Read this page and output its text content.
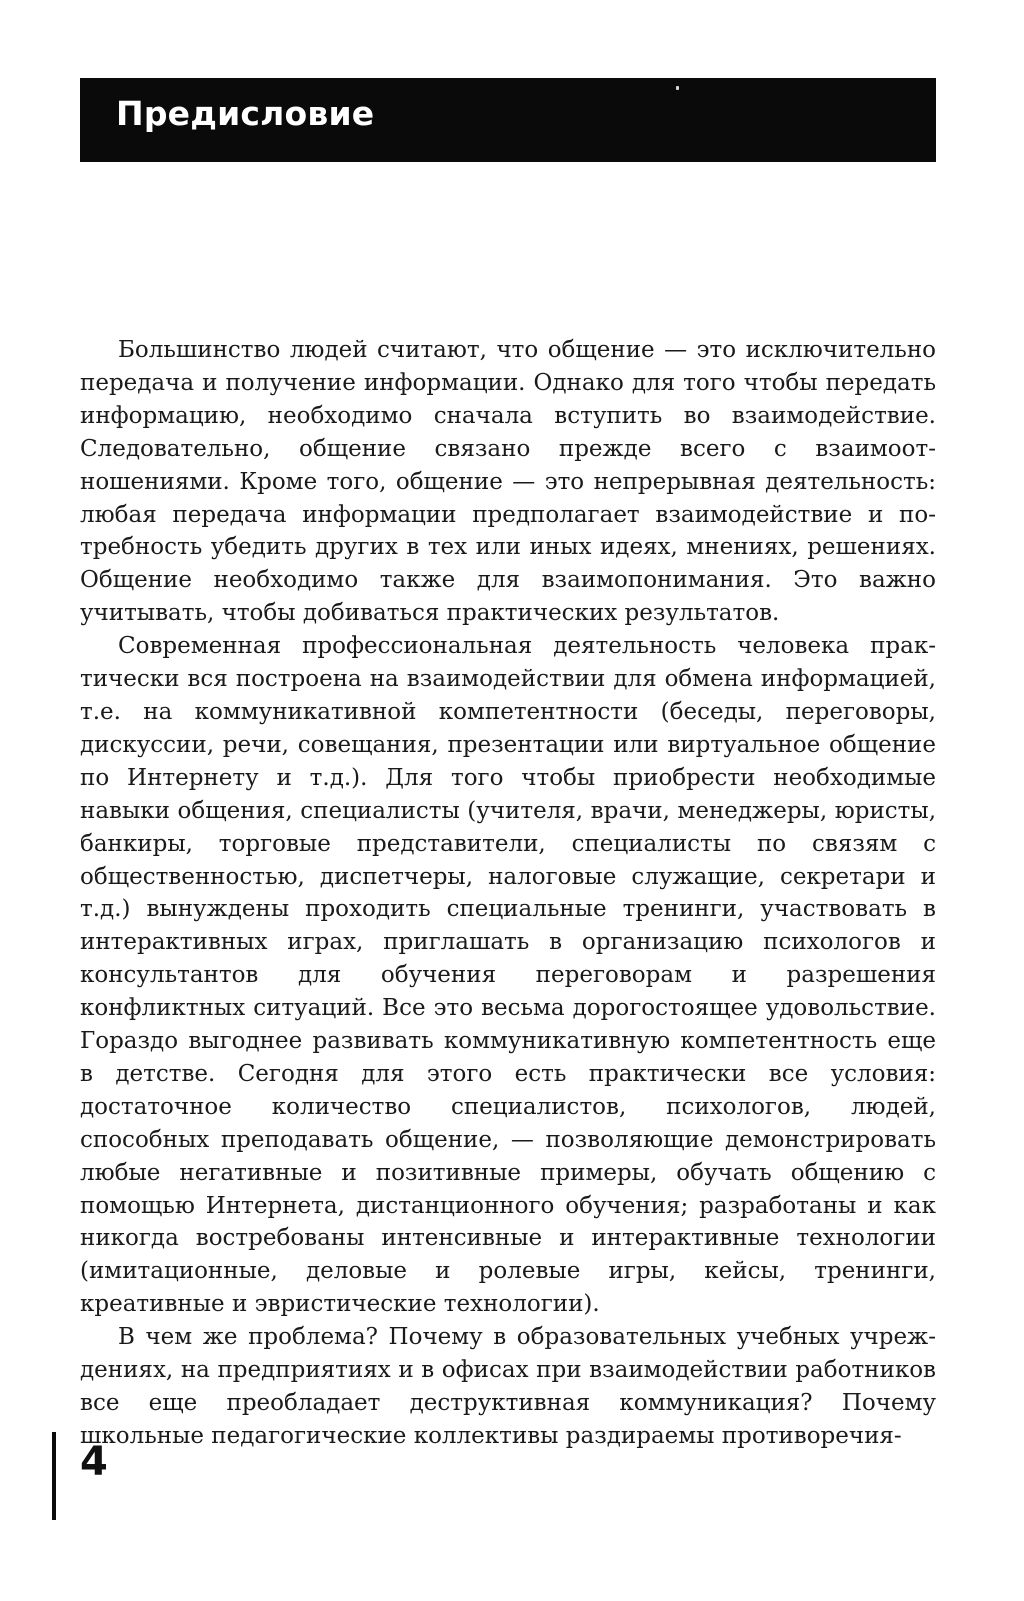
Предисловие

Большинство людей считают, что общение — это исключительно передача и получение информации. Однако для того чтобы передать информацию, необходимо сначала вступить во взаимодействие. Следовательно, общение связано прежде всего с взаимоотношениями. Кроме того, общение — это непрерывная деятельность: любая передача информации предполагает взаимодействие и потребность убедить других в тех или иных идеях, мнениях, решениях. Общение необходимо также для взаимопонимания. Это важно учитывать, чтобы добиваться практических результатов.

Современная профессиональная деятельность человека практически вся построена на взаимодействии для обмена информацией, т.е. на коммуникативной компетентности (беседы, переговоры, дискуссии, речи, совещания, презентации или виртуальное общение по Интернету и т.д.). Для того чтобы приобрести необходимые навыки общения, специалисты (учителя, врачи, менеджеры, юристы, банкиры, торговые представители, специалисты по связям с общественностью, диспетчеры, налоговые служащие, секретари и т.д.) вынуждены проходить специальные тренинги, участвовать в интерактивных играх, приглашать в организацию психологов и консультантов для обучения переговорам и разрешения конфликтных ситуаций. Все это весьма дорогостоящее удовольствие. Гораздо выгоднее развивать коммуникативную компетентность еще в детстве. Сегодня для этого есть практически все условия: достаточное количество специалистов, психологов, людей, способных преподавать общение, — позволяющие демонстрировать любые негативные и позитивные примеры, обучать общению с помощью Интернета, дистанционного обучения; разработаны и как никогда востребованы интенсивные и интерактивные технологии (имитационные, деловые и ролевые игры, кейсы, тренинги, креативные и эвристические технологии).

В чем же проблема? Почему в образовательных учебных учреждениях, на предприятиях и в офисах при взаимодействии работников все еще преобладает деструктивная коммуникация? Почему школьные педагогические коллективы раздираемы противоречия-

4
